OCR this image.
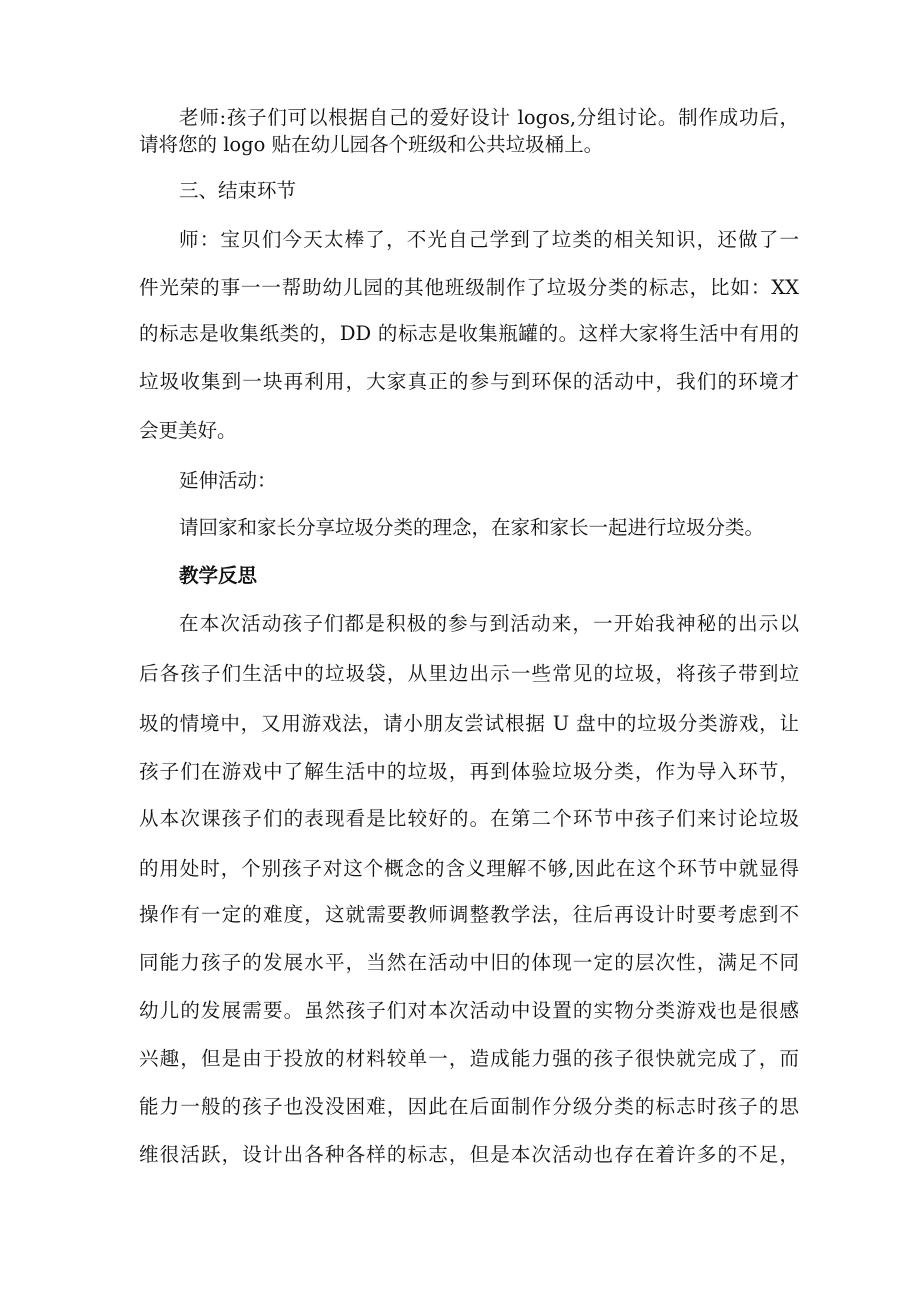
老师:孩子们可以根据自己的爱好设计 logos,分组讨论。制作成功后，
请将您的 logo 贴在幼儿园各个班级和公共垃圾桶上。
三、结束环节
师：宝贝们今天太棒了，不光自己学到了垃类的相关知识，还做了一
件光荣的事一一帮助幼儿园的其他班级制作了垃圾分类的标志，比如：XX
的标志是收集纸类的，DD 的标志是收集瓶罐的。这样大家将生活中有用的
垃圾收集到一块再利用，大家真正的参与到环保的活动中，我们的环境才
会更美好。
延伸活动：
请回家和家长分享垃圾分类的理念，在家和家长一起进行垃圾分类。
教学反思
在本次活动孩子们都是积极的参与到活动来，一开始我神秘的出示以
后各孩子们生活中的垃圾袋，从里边出示一些常见的垃圾，将孩子带到垃
圾的情境中，又用游戏法，请小朋友尝试根据 U 盘中的垃圾分类游戏，让
孩子们在游戏中了解生活中的垃圾，再到体验垃圾分类，作为导入环节，
从本次课孩子们的表现看是比较好的。在第二个环节中孩子们来讨论垃圾
的用处时，个别孩子对这个概念的含义理解不够,因此在这个环节中就显得
操作有一定的难度，这就需要教师调整教学法，往后再设计时要考虑到不
同能力孩子的发展水平，当然在活动中旧的体现一定的层次性，满足不同
幼儿的发展需要。虽然孩子们对本次活动中设置的实物分类游戏也是很感
兴趣，但是由于投放的材料较单一，造成能力强的孩子很快就完成了，而
能力一般的孩子也没没困难，因此在后面制作分级分类的标志时孩子的思
维很活跃，设计出各种各样的标志，但是本次活动也存在着许多的不足，
